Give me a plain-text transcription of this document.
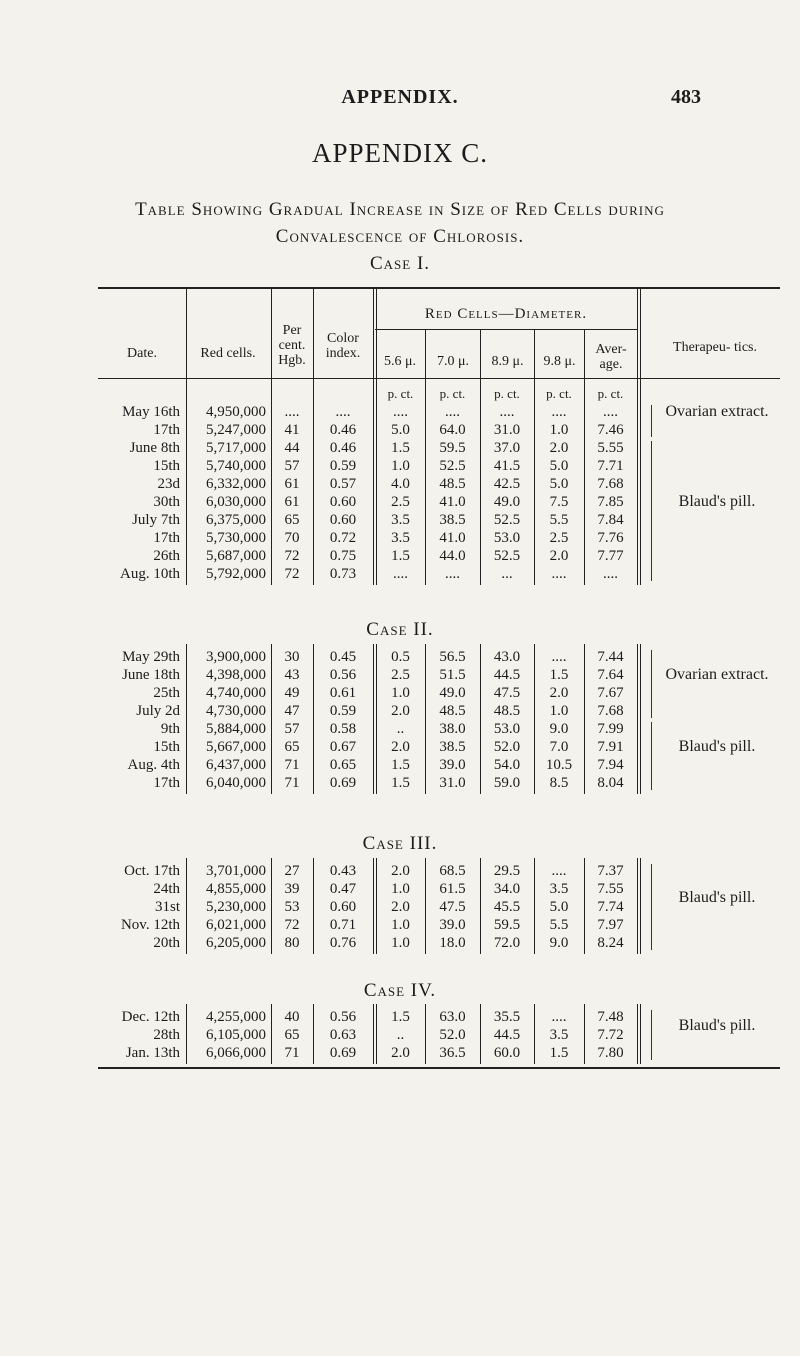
APPENDIX.	483
APPENDIX C.
Table Showing Gradual Increase in Size of Red Cells during
Convalescence of Chlorosis.
Case I.
Date.	Red cells.
Per cent. Hgb.
Color index.
Red Cells—Diameter.
5.6 μ.	7.0 μ.	8.9 μ.	9.8 μ.
Aver- age.
Therapeu- tics.
p. ct.	p. ct.	p. ct.	p. ct.	p. ct.
May 16th	4,950,000	....	....	....	....	....	....	....
17th	5,247,000	41	0.46	5.0	64.0	31.0	1.0	7.46
June 8th	5,717,000	44	0.46	1.5	59.5	37.0	2.0	5.55
15th	5,740,000	57	0.59	1.0	52.5	41.5	5.0	7.71
23d	6,332,000	61	0.57	4.0	48.5	42.5	5.0	7.68
30th	6,030,000	61	0.60	2.5	41.0	49.0	7.5	7.85
July 7th	6,375,000	65	0.60	3.5	38.5	52.5	5.5	7.84
17th	5,730,000	70	0.72	3.5	41.0	53.0	2.5	7.76
26th	5,687,000	72	0.75	1.5	44.0	52.5	2.0	7.77
Aug. 10th	5,792,000	72	0.73	....	....	...	....	....
Ovarian extract.
Blaud's pill.
Case II.
May 29th	3,900,000	30	0.45	0.5	56.5	43.0	....	7.44
June 18th	4,398,000	43	0.56	2.5	51.5	44.5	1.5	7.64
25th	4,740,000	49	0.61	1.0	49.0	47.5	2.0	7.67
July 2d	4,730,000	47	0.59	2.0	48.5	48.5	1.0	7.68
9th	5,884,000	57	0.58	..	38.0	53.0	9.0	7.99
15th	5,667,000	65	0.67	2.0	38.5	52.0	7.0	7.91
Aug. 4th	6,437,000	71	0.65	1.5	39.0	54.0	10.5	7.94
17th	6,040,000	71	0.69	1.5	31.0	59.0	8.5	8.04
Ovarian extract.
Blaud's pill.
Case III.
Oct. 17th	3,701,000	27	0.43	2.0	68.5	29.5	....	7.37
24th	4,855,000	39	0.47	1.0	61.5	34.0	3.5	7.55
31st	5,230,000	53	0.60	2.0	47.5	45.5	5.0	7.74
Nov. 12th	6,021,000	72	0.71	1.0	39.0	59.5	5.5	7.97
20th	6,205,000	80	0.76	1.0	18.0	72.0	9.0	8.24
Blaud's pill.
Case IV.
Dec. 12th	4,255,000	40	0.56	1.5	63.0	35.5	....	7.48
28th	6,105,000	65	0.63	..	52.0	44.5	3.5	7.72
Jan. 13th	6,066,000	71	0.69	2.0	36.5	60.0	1.5	7.80
Blaud's pill.
